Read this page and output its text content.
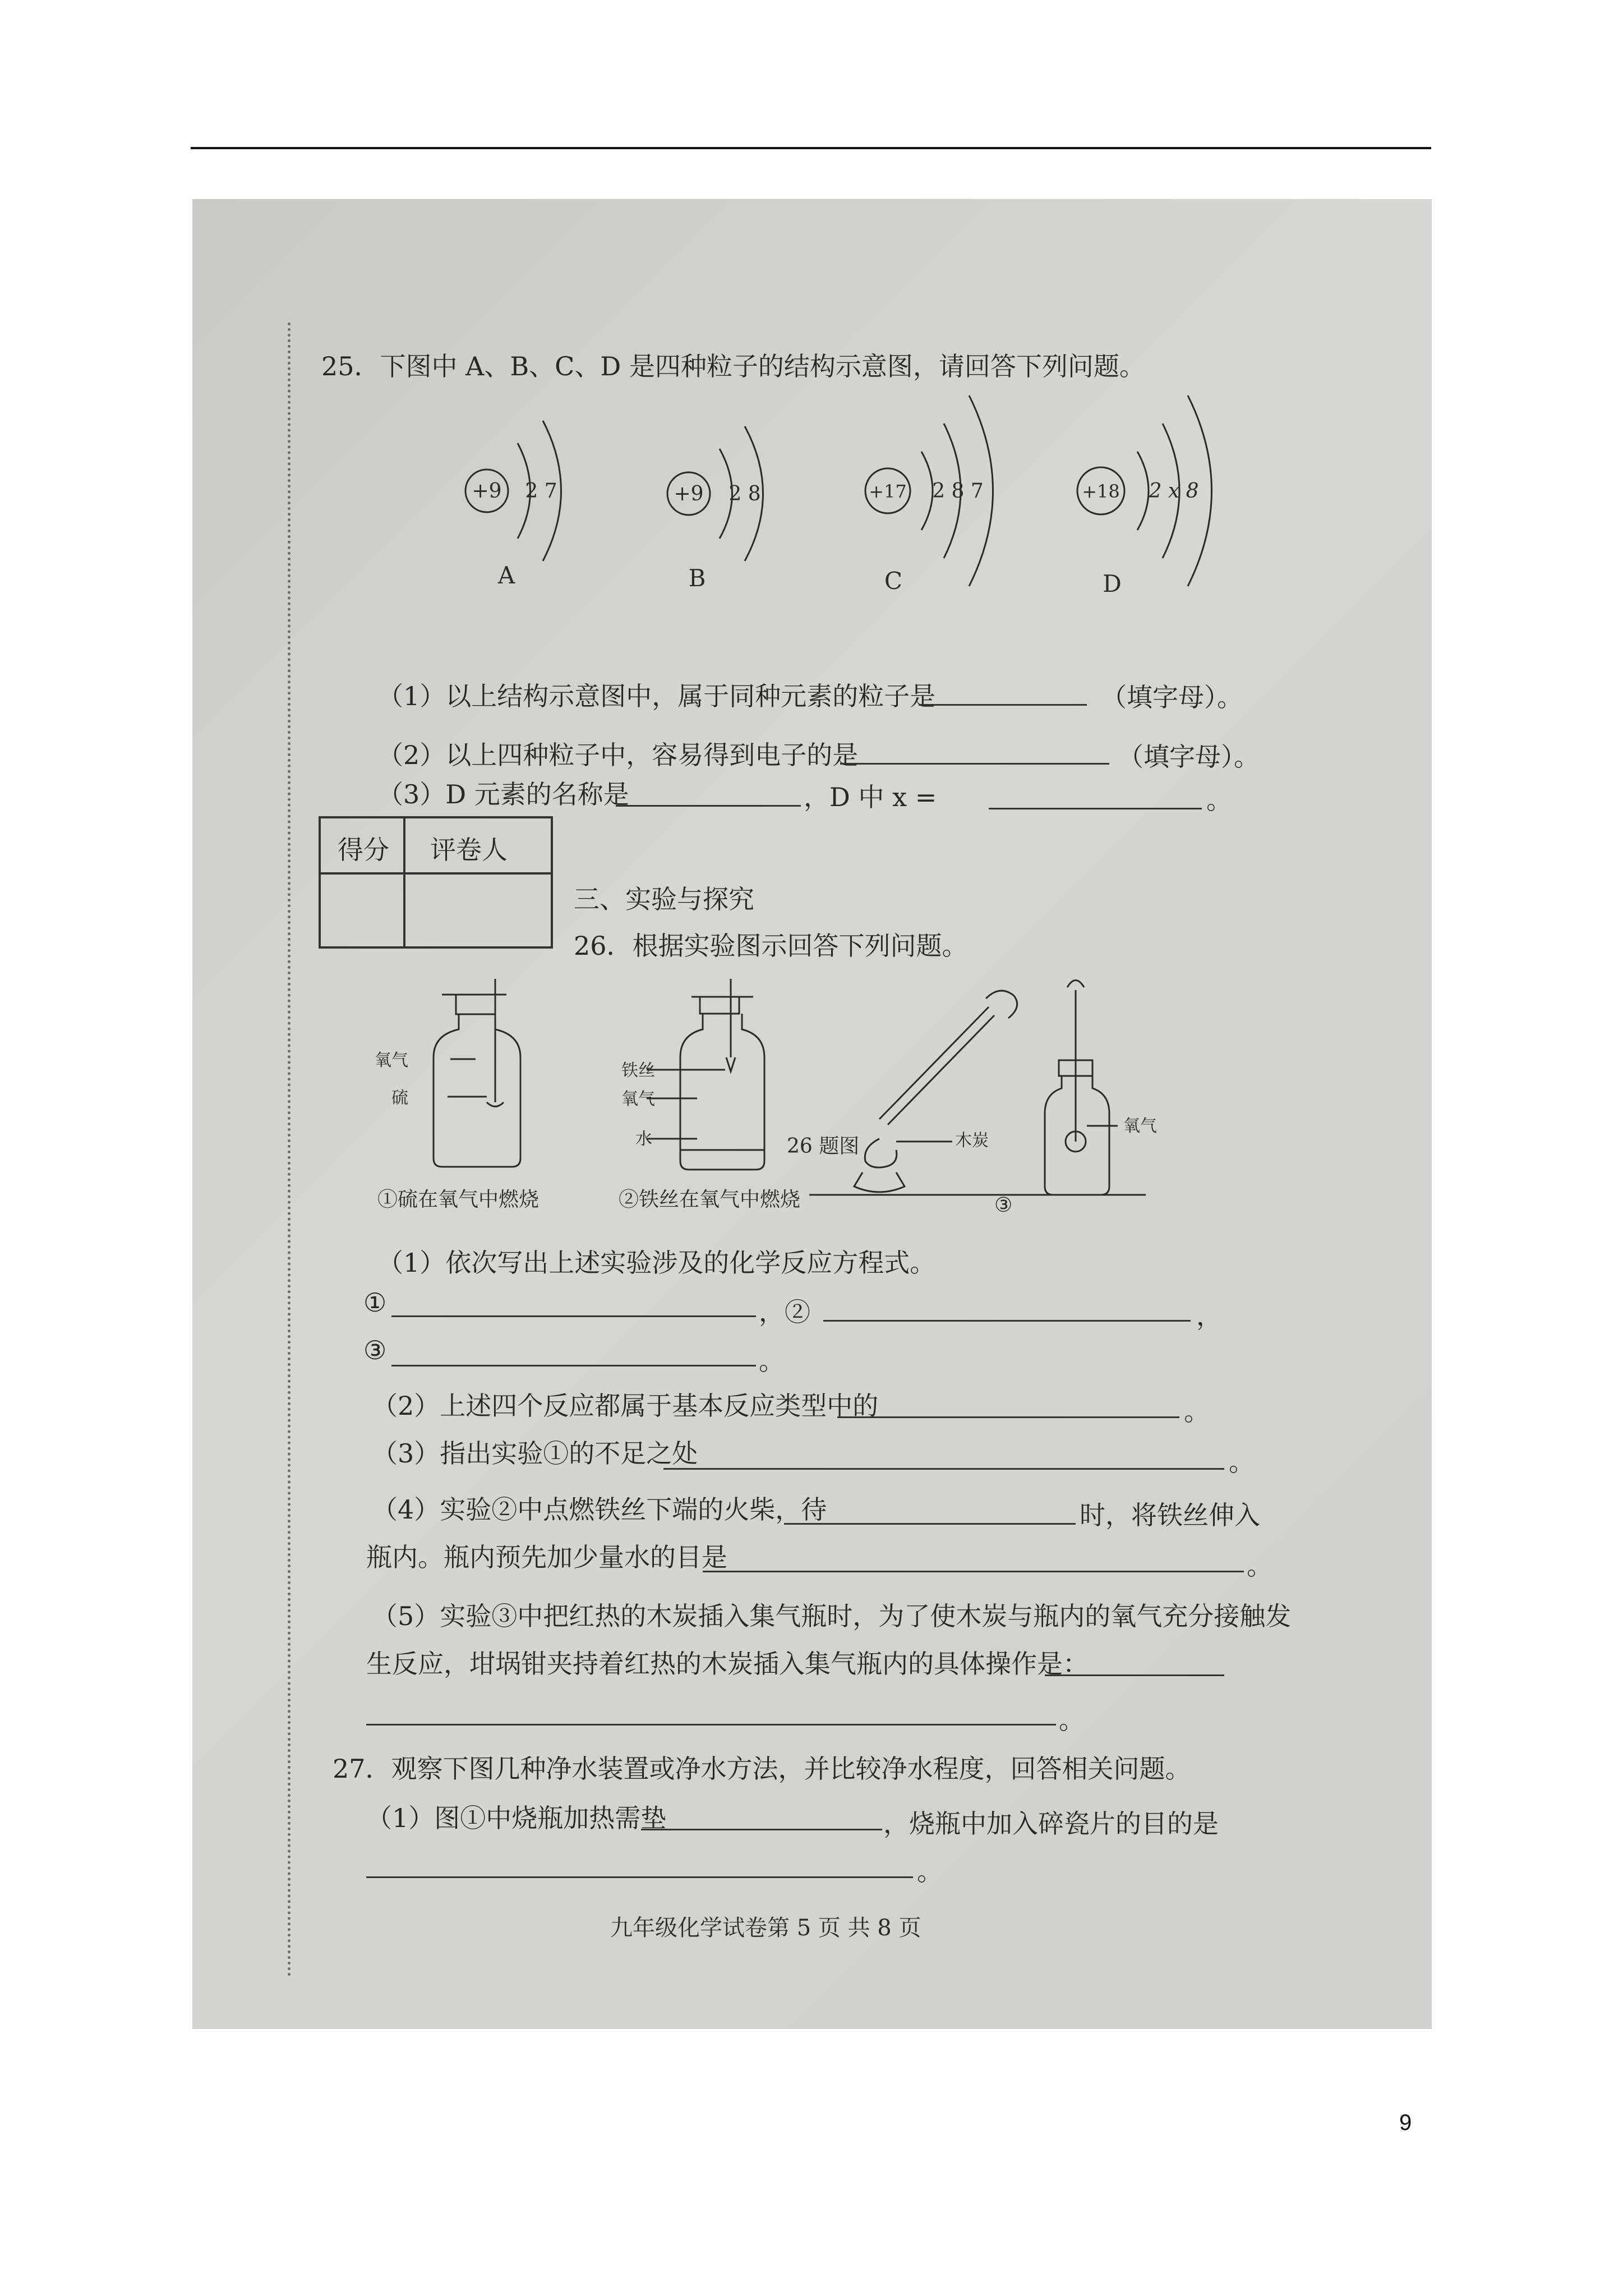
25．下图中 A、B、C、D 是四种粒子的结构示意图，请回答下列问题。
+9 2 7	+9 2 8	+17 2 8 7	+18 2 x 8
A	B	C	D
（1）以上结构示意图中，属于同种元素的粒子是	（填字母）。
（2）以上四种粒子中，容易得到电子的是	（填字母）。
（3）D 元素的名称是	，D 中 x =	。
得分 评卷人
三、实验与探究
26．根据实验图示回答下列问题。
氧气
硫
①硫在氧气中燃烧
铁丝
氧气
水	26 题图
②铁丝在氧气中燃烧
木炭
氧气
③
（1）依次写出上述实验涉及的化学反应方程式。
①	，②	，
③	。
（2）上述四个反应都属于基本反应类型中的	。
（3）指出实验①的不足之处	。
（4）实验②中点燃铁丝下端的火柴，待	时，将铁丝伸入
瓶内。瓶内预先加少量水的目是	。
（5）实验③中把红热的木炭插入集气瓶时，为了使木炭与瓶内的氧气充分接触发
生反应，坩埚钳夹持着红热的木炭插入集气瓶内的具体操作是：
。
27．观察下图几种净水装置或净水方法，并比较净水程度，回答相关问题。
（1）图①中烧瓶加热需垫	，烧瓶中加入碎瓷片的目的是
。
九年级化学试卷第 5 页 共 8 页
9
